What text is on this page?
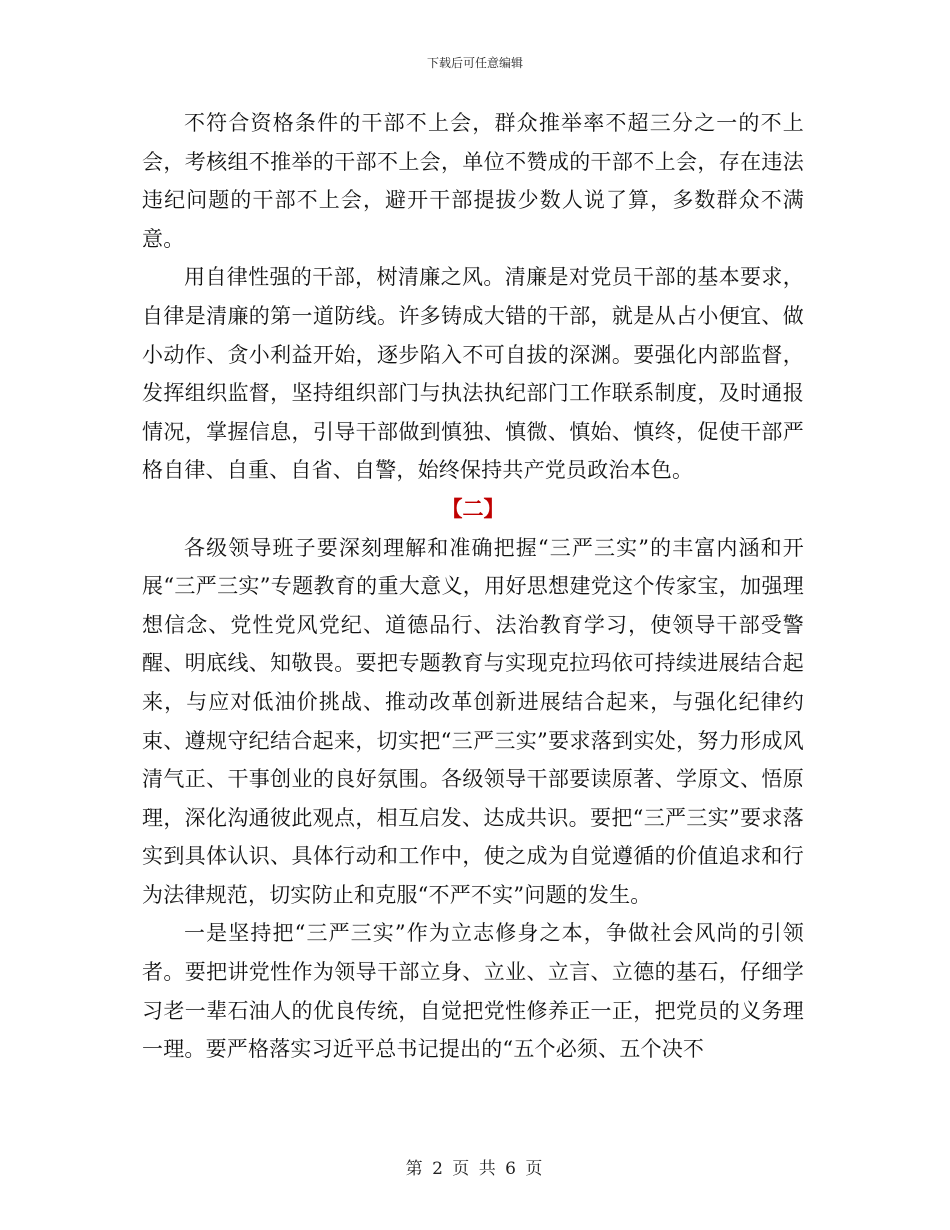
下载后可任意编辑

不符合资格条件的干部不上会，群众推举率不超三分之一的不上会，考核组不推举的干部不上会，单位不赞成的干部不上会，存在违法违纪问题的干部不上会，避开干部提拔少数人说了算，多数群众不满意。

用自律性强的干部，树清廉之风。清廉是对党员干部的基本要求，自律是清廉的第一道防线。许多铸成大错的干部，就是从占小便宜、做小动作、贪小利益开始，逐步陷入不可自拔的深渊。要强化内部监督，发挥组织监督，坚持组织部门与执法执纪部门工作联系制度，及时通报情况，掌握信息，引导干部做到慎独、慎微、慎始、慎终，促使干部严格自律、自重、自省、自警，始终保持共产党员政治本色。

【二】

各级领导班子要深刻理解和准确把握“三严三实”的丰富内涵和开展“三严三实”专题教育的重大意义，用好思想建党这个传家宝，加强理想信念、党性党风党纪、道德品行、法治教育学习，使领导干部受警醒、明底线、知敬畏。要把专题教育与实现克拉玛依可持续进展结合起来，与应对低油价挑战、推动改革创新进展结合起来，与强化纪律约束、遵规守纪结合起来，切实把“三严三实”要求落到实处，努力形成风清气正、干事创业的良好氛围。各级领导干部要读原著、学原文、悟原理，深化沟通彼此观点，相互启发、达成共识。要把“三严三实”要求落实到具体认识、具体行动和工作中，使之成为自觉遵循的价值追求和行为法律规范，切实防止和克服“不严不实”问题的发生。

一是坚持把“三严三实”作为立志修身之本，争做社会风尚的引领者。要把讲党性作为领导干部立身、立业、立言、立德的基石，仔细学习老一辈石油人的优良传统，自觉把党性修养正一正，把党员的义务理一理。要严格落实习近平总书记提出的“五个必须、五个决不

第 2 页 共 6 页
